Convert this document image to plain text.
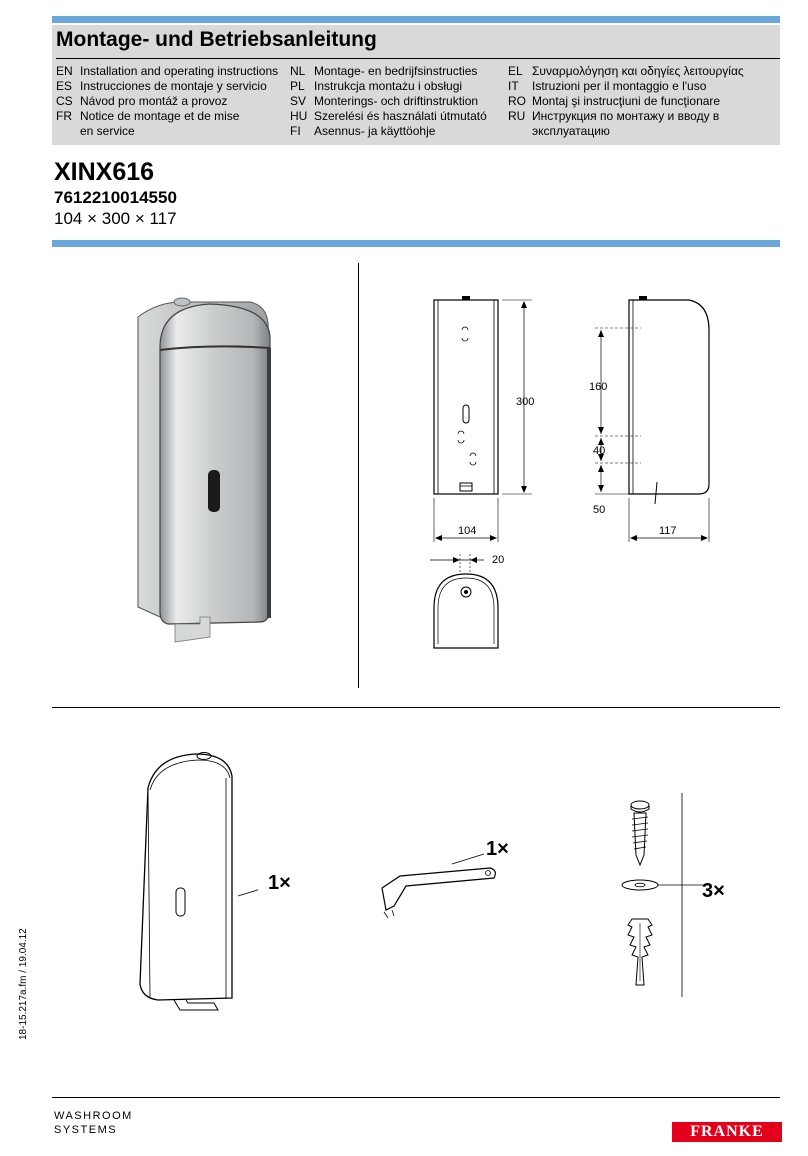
Montage- und Betriebsanleitung
EN Installation and operating instructions
ES Instrucciones de montaje y servicio
CS Návod pro montáž a provoz
FR Notice de montage et de mise
en service
NL Montage- en bedrijfsinstructies
PL Instrukcja montażu i obsługi
SV Monterings- och driftinstruktion
HU Szerelési és használati útmutató
FI Asennus- ja käyttöohje
EL Συναρμολόγηση και οδηγίες λειτουργίας
IT Istruzioni per il montaggio e l'uso
RO Montaj şi instrucţiuni de funcţionare
RU Инструкция по монтажу и вводу в
эксплуатацию
XINX616
7612210014550
104 × 300 × 117
300
104
160
40
50
117
20
1×
1×
3×
18-15.217a.fm / 19.04.12
WASHROOM
SYSTEMS	FRANKE
